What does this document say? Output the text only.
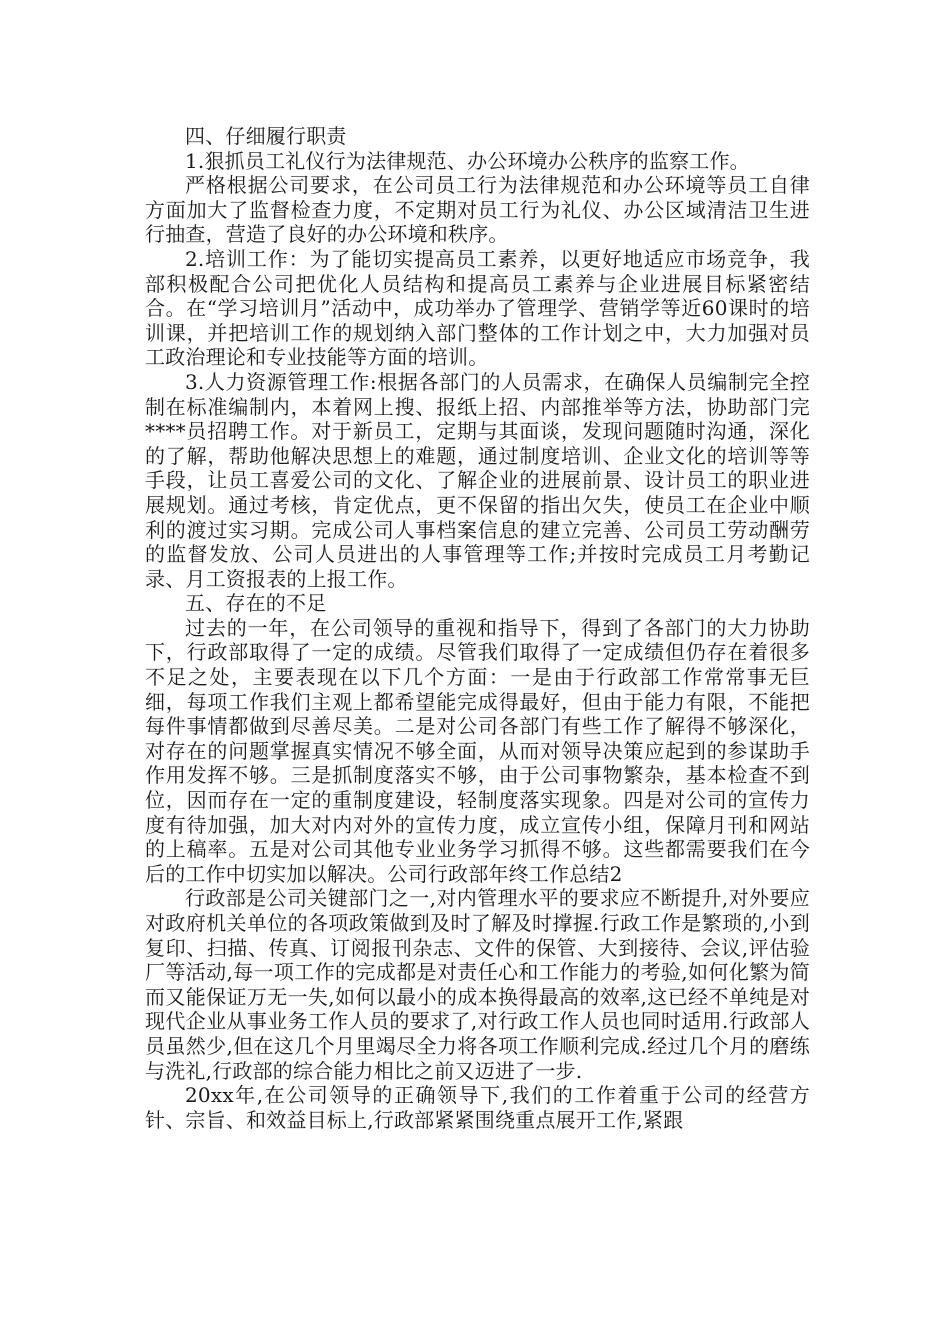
四、仔细履行职责

1.狠抓员工礼仪行为法律规范、办公环境办公秩序的监察工作。

严格根据公司要求，在公司员工行为法律规范和办公环境等员工自律方面加大了监督检查力度，不定期对员工行为礼仪、办公区域清洁卫生进行抽查，营造了良好的办公环境和秩序。

2.培训工作：为了能切实提高员工素养，以更好地适应市场竞争，我部积极配合公司把优化人员结构和提高员工素养与企业进展目标紧密结合。在“学习培训月”活动中，成功举办了管理学、营销学等近60课时的培训课，并把培训工作的规划纳入部门整体的工作计划之中，大力加强对员工政治理论和专业技能等方面的培训。

3.人力资源管理工作:根据各部门的人员需求，在确保人员编制完全控制在标准编制内，本着网上搜、报纸上招、内部推举等方法，协助部门完****员招聘工作。对于新员工，定期与其面谈，发现问题随时沟通，深化的了解，帮助他解决思想上的难题，通过制度培训、企业文化的培训等等手段，让员工喜爱公司的文化、了解企业的进展前景、设计员工的职业进展规划。通过考核，肯定优点，更不保留的指出欠失，使员工在企业中顺利的渡过实习期。完成公司人事档案信息的建立完善、公司员工劳动酬劳的监督发放、公司人员进出的人事管理等工作;并按时完成员工月考勤记录、月工资报表的上报工作。

五、存在的不足

过去的一年，在公司领导的重视和指导下，得到了各部门的大力协助下，行政部取得了一定的成绩。尽管我们取得了一定成绩但仍存在着很多不足之处，主要表现在以下几个方面：一是由于行政部工作常常事无巨细，每项工作我们主观上都希望能完成得最好，但由于能力有限，不能把每件事情都做到尽善尽美。二是对公司各部门有些工作了解得不够深化，对存在的问题掌握真实情况不够全面，从而对领导决策应起到的参谋助手作用发挥不够。三是抓制度落实不够，由于公司事物繁杂，基本检查不到位，因而存在一定的重制度建设，轻制度落实现象。四是对公司的宣传力度有待加强，加大对内对外的宣传力度，成立宣传小组，保障月刊和网站的上稿率。五是对公司其他专业业务学习抓得不够。这些都需要我们在今后的工作中切实加以解决。公司行政部年终工作总结2

行政部是公司关键部门之一,对内管理水平的要求应不断提升,对外要应对政府机关单位的各项政策做到及时了解及时撑握.行政工作是繁琐的,小到复印、扫描、传真、订阅报刊杂志、文件的保管、大到接待、会议,评估验厂等活动,每一项工作的完成都是对责任心和工作能力的考验,如何化繁为简而又能保证万无一失,如何以最小的成本换得最高的效率,这已经不单纯是对现代企业从事业务工作人员的要求了,对行政工作人员也同时适用.行政部人员虽然少,但在这几个月里竭尽全力将各项工作顺利完成.经过几个月的磨练与洗礼,行政部的综合能力相比之前又迈进了一步.

20xx年,在公司领导的正确领导下,我们的工作着重于公司的经营方针、宗旨、和效益目标上,行政部紧紧围绕重点展开工作,紧跟
